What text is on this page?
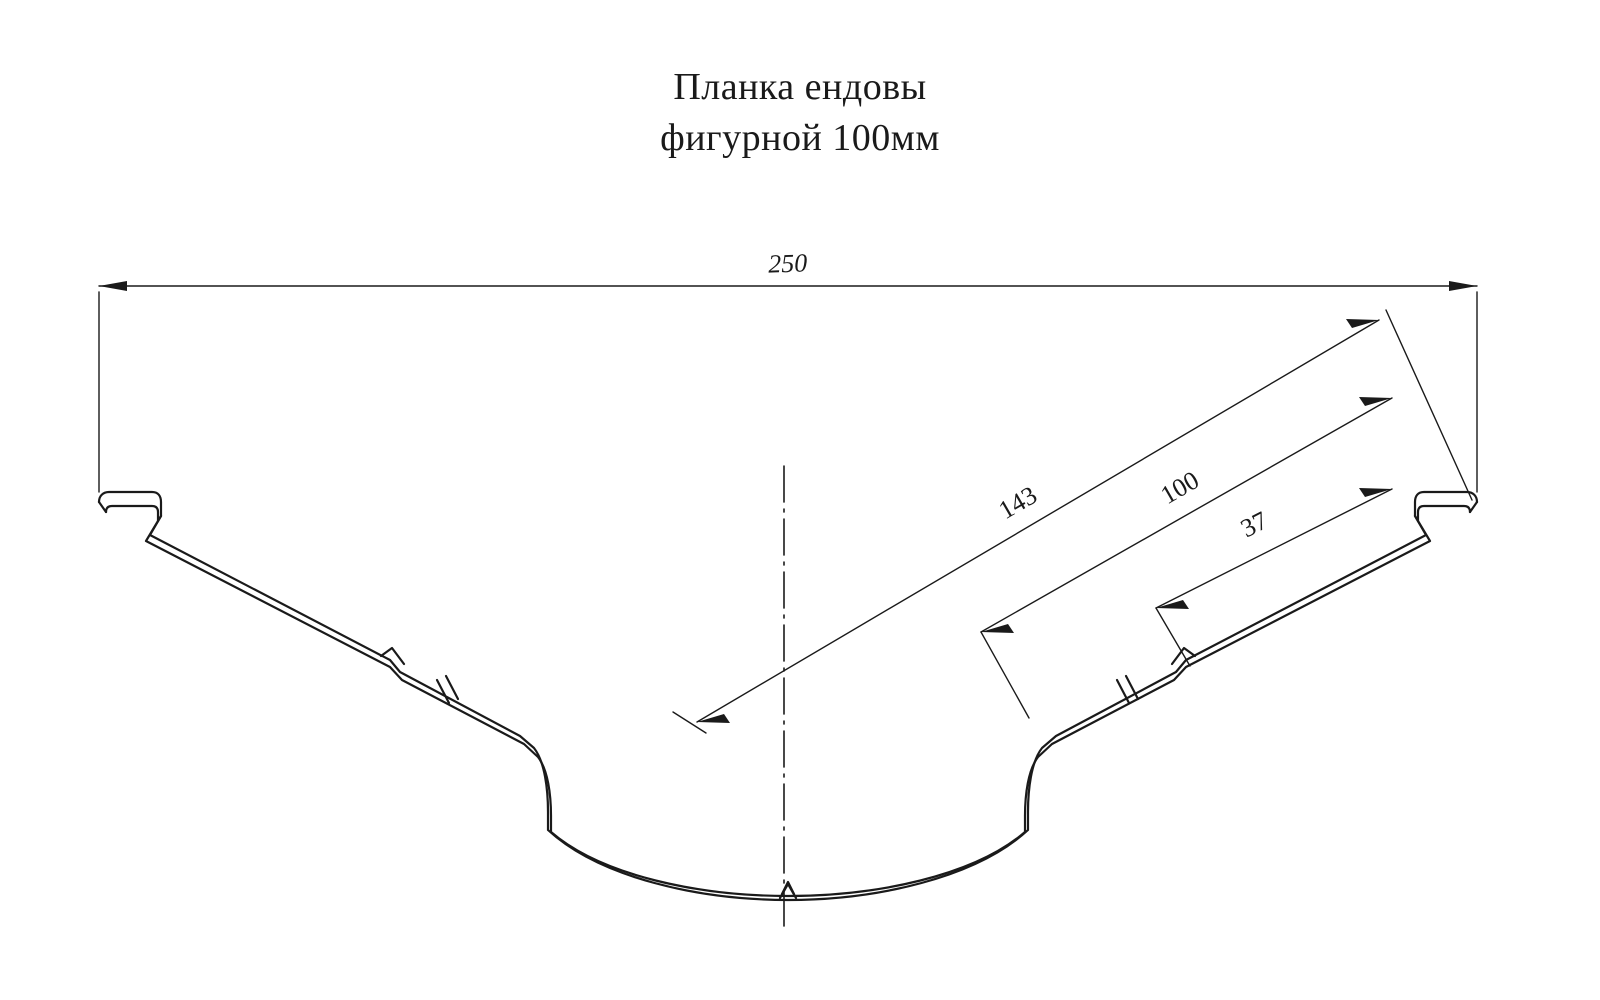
Планка ендовы
фигурной 100мм
250
143	100
37
